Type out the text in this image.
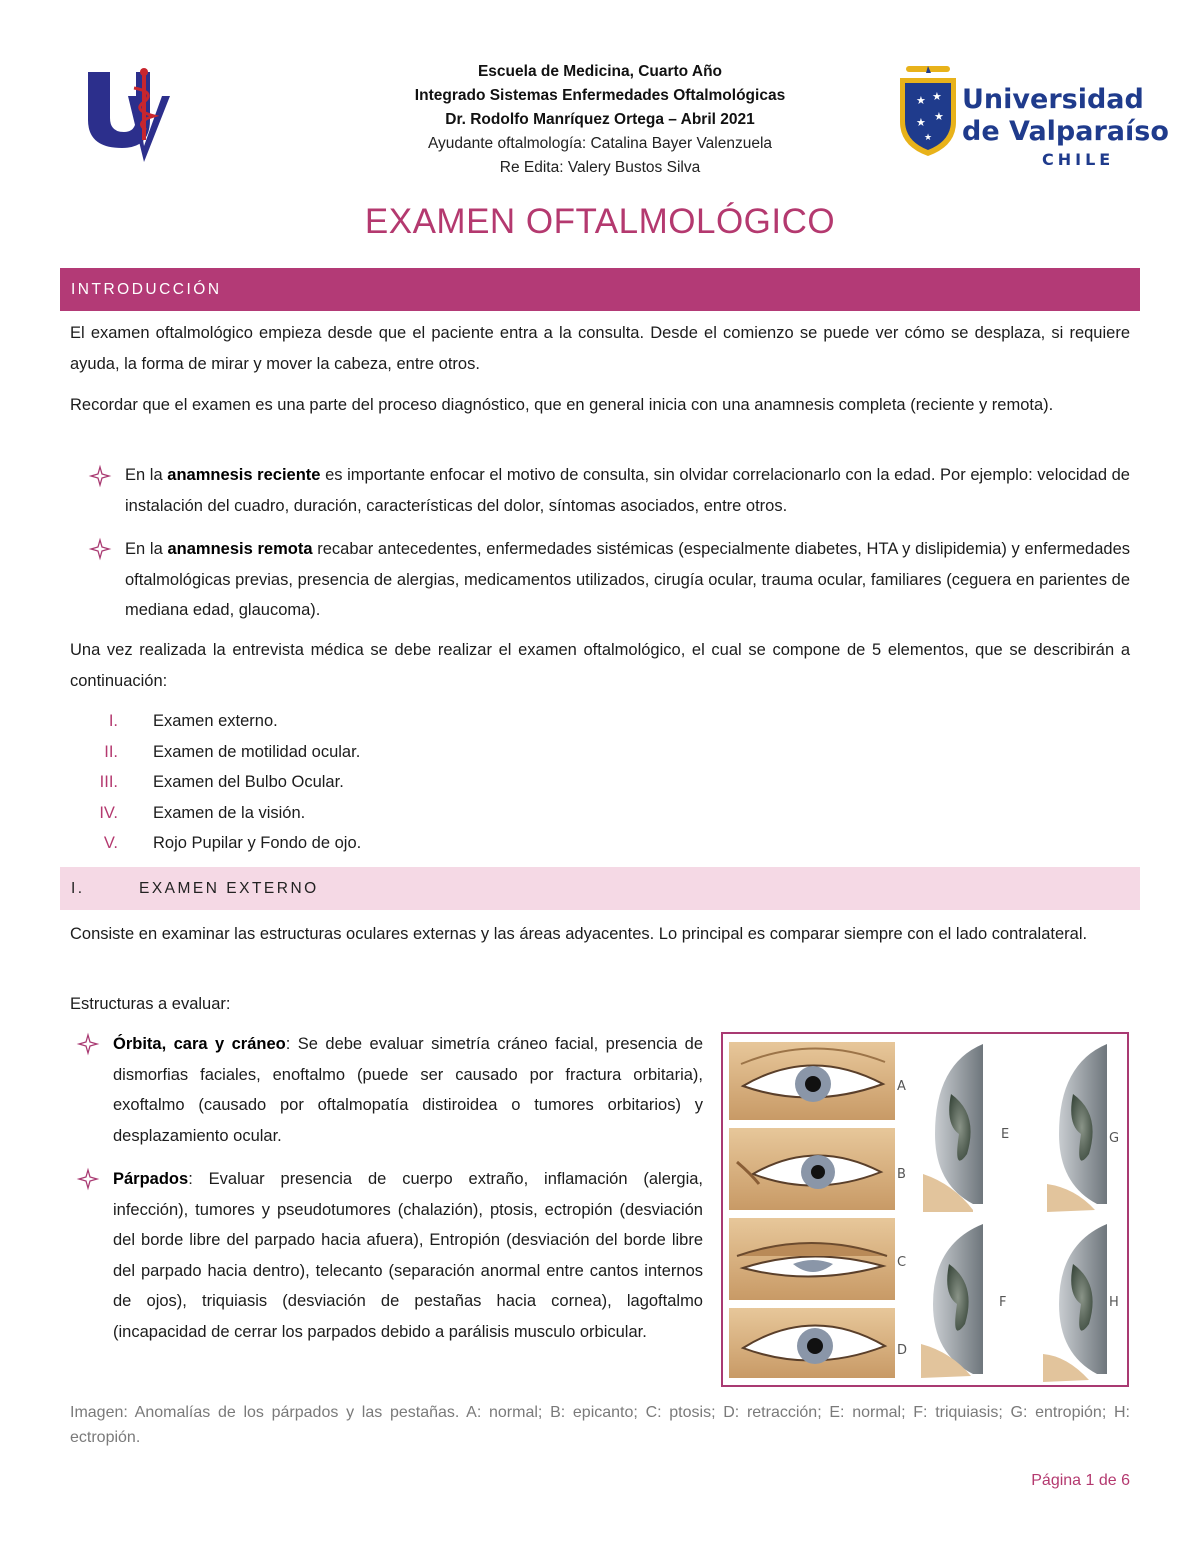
Escuela de Medicina, Cuarto Año
Integrado Sistemas Enfermedades Oftalmológicas
Dr. Rodolfo Manríquez Ortega – Abril 2021
Ayudante oftalmología: Catalina Bayer Valenzuela
Re Edita: Valery Bustos Silva
★ ★
★
★
★
Universidad
de Valparaíso
CHILE
EXAMEN OFTALMOLÓGICO
INTRODUCCIÓN
El examen oftalmológico empieza desde que el paciente entra a la consulta. Desde el comienzo se puede ver cómo se desplaza, si requiere ayuda, la forma de mirar y mover la cabeza, entre otros.
Recordar que el examen es una parte del proceso diagnóstico, que en general inicia con una anamnesis completa (reciente y remota).
En la anamnesis reciente es importante enfocar el motivo de consulta, sin olvidar correlacionarlo con la edad. Por ejemplo: velocidad de instalación del cuadro, duración, características del dolor, síntomas asociados, entre otros.
En la anamnesis remota recabar antecedentes, enfermedades sistémicas (especialmente diabetes, HTA y dislipidemia) y enfermedades oftalmológicas previas, presencia de alergias, medicamentos utilizados, cirugía ocular, trauma ocular, familiares (ceguera en parientes de mediana edad, glaucoma).
Una vez realizada la entrevista médica se debe realizar el examen oftalmológico, el cual se compone de 5 elementos, que se describirán a continuación:
I. Examen externo.
II. Examen de motilidad ocular.
III. Examen del Bulbo Ocular.
IV. Examen de la visión.
V. Rojo Pupilar y Fondo de ojo.
I.	EXAMEN EXTERNO
Consiste en examinar las estructuras oculares externas y las áreas adyacentes. Lo principal es comparar siempre con el lado contralateral.
Estructuras a evaluar:
Órbita, cara y cráneo: Se debe evaluar simetría cráneo facial, presencia de dismorfias faciales, enoftalmo (puede ser causado por fractura orbitaria), exoftalmo (causado por oftalmopatía distiroidea o tumores orbitarios) y desplazamiento ocular.
Párpados: Evaluar presencia de cuerpo extraño, inflamación (alergia, infección), tumores y pseudotumores (chalazión), ptosis, ectropión (desviación del borde libre del parpado hacia afuera), Entropión (desviación del borde libre del parpado hacia dentro), telecanto (separación anormal entre cantos internos de ojos), triquiasis (desviación de pestañas hacia cornea), lagoftalmo (incapacidad de cerrar los parpados debido a parálisis musculo orbicular.
A
B
C
D
E
F
G
H
Imagen: Anomalías de los párpados y las pestañas. A: normal; B: epicanto; C: ptosis; D: retracción; E: normal; F: triquiasis; G: entropión; H: ectropión.
Página 1 de 6
